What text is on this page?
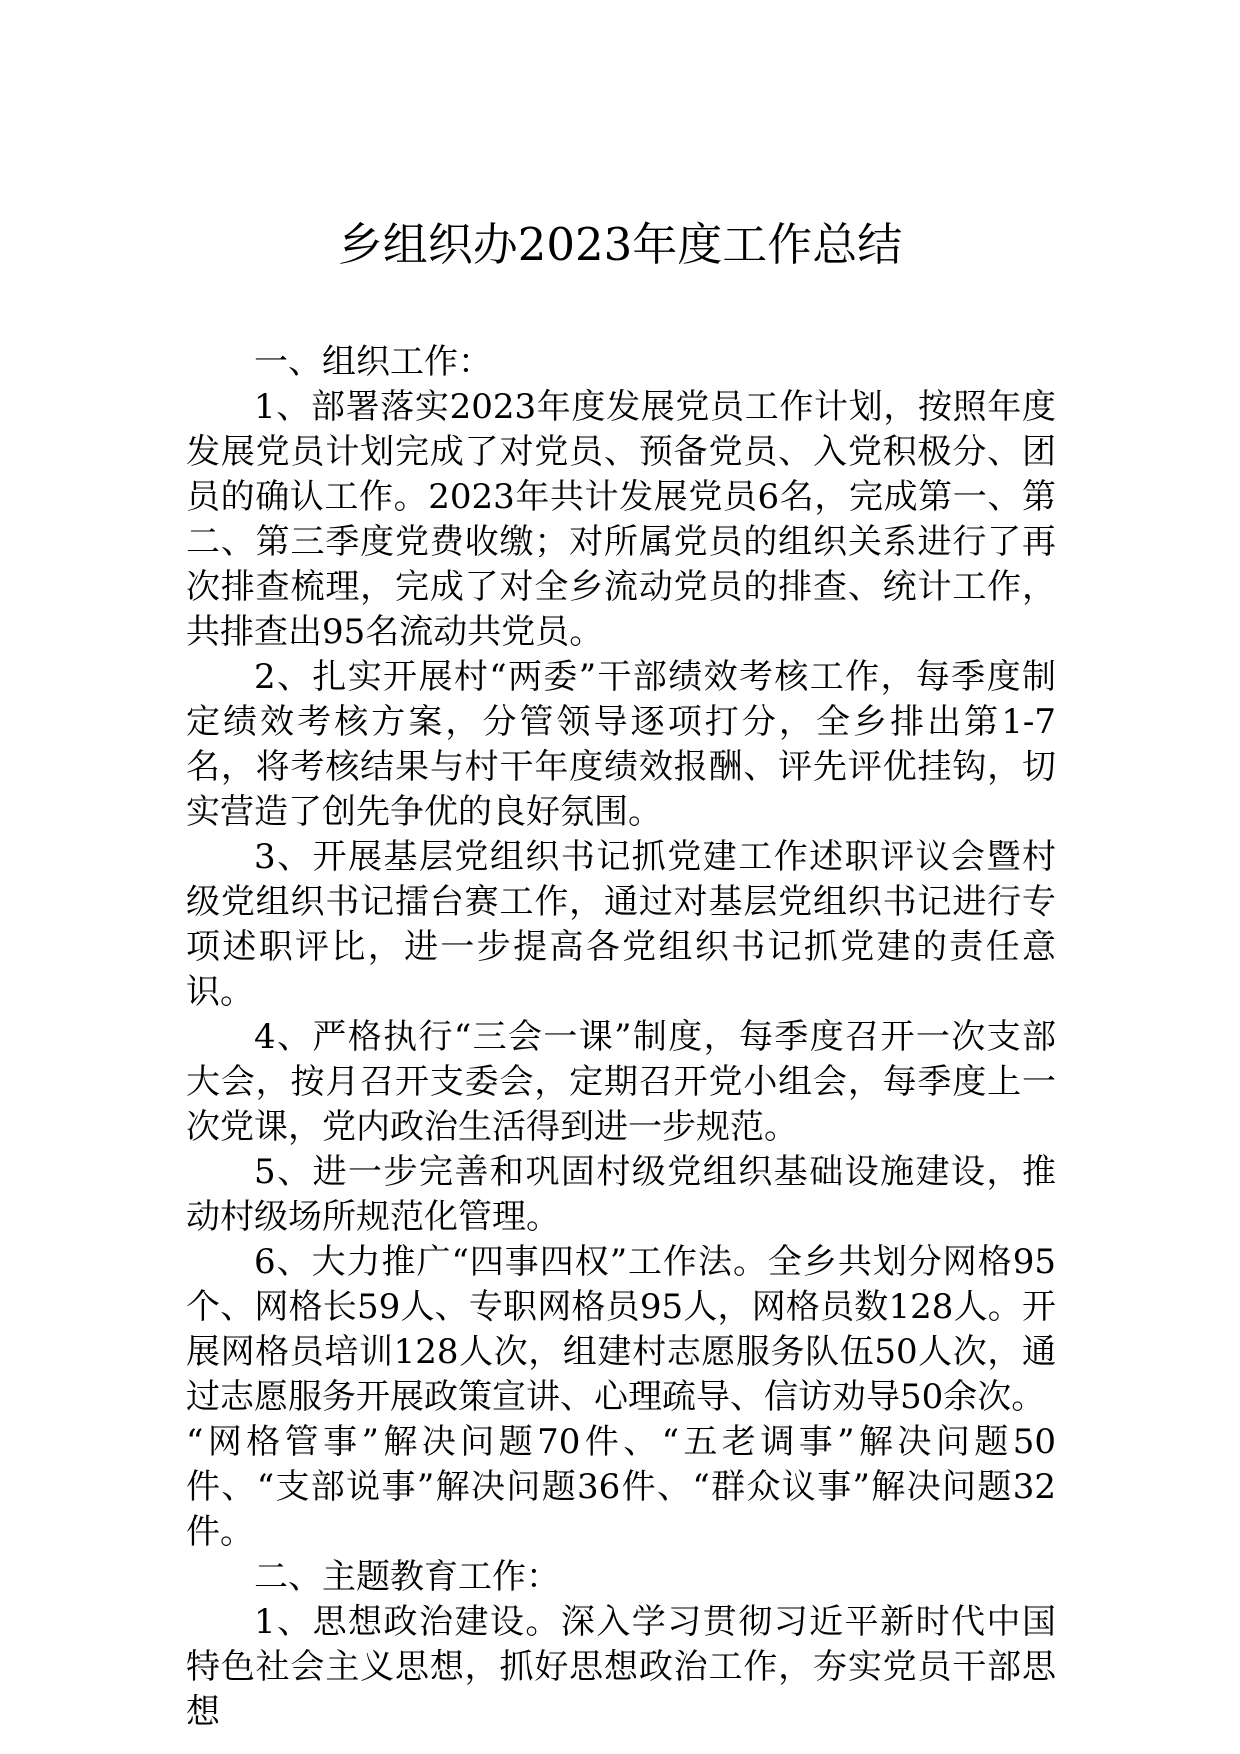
乡组织办2023年度工作总结

一、组织工作：

1、部署落实2023年度发展党员工作计划，按照年度发展党员计划完成了对党员、预备党员、入党积极分、团员的确认工作。2023年共计发展党员6名，完成第一、第二、第三季度党费收缴；对所属党员的组织关系进行了再次排查梳理，完成了对全乡流动党员的排查、统计工作，共排查出95名流动共党员。

2、扎实开展村“两委”干部绩效考核工作，每季度制定绩效考核方案，分管领导逐项打分，全乡排出第1-7名，将考核结果与村干年度绩效报酬、评先评优挂钩，切实营造了创先争优的良好氛围。

3、开展基层党组织书记抓党建工作述职评议会暨村级党组织书记擂台赛工作，通过对基层党组织书记进行专项述职评比，进一步提高各党组织书记抓党建的责任意识。

4、严格执行“三会一课”制度，每季度召开一次支部大会，按月召开支委会，定期召开党小组会，每季度上一次党课，党内政治生活得到进一步规范。

5、进一步完善和巩固村级党组织基础设施建设，推动村级场所规范化管理。

6、大力推广“四事四权”工作法。全乡共划分网格95个、网格长59人、专职网格员95人，网格员数128人。开展网格员培训128人次，组建村志愿服务队伍50人次，通过志愿服务开展政策宣讲、心理疏导、信访劝导50余次。

“网格管事”解决问题70件、“五老调事”解决问题50件、“支部说事”解决问题36件、“群众议事”解决问题32件。

二、主题教育工作：

1、思想政治建设。深入学习贯彻习近平新时代中国特色社会主义思想，抓好思想政治工作，夯实党员干部思想
